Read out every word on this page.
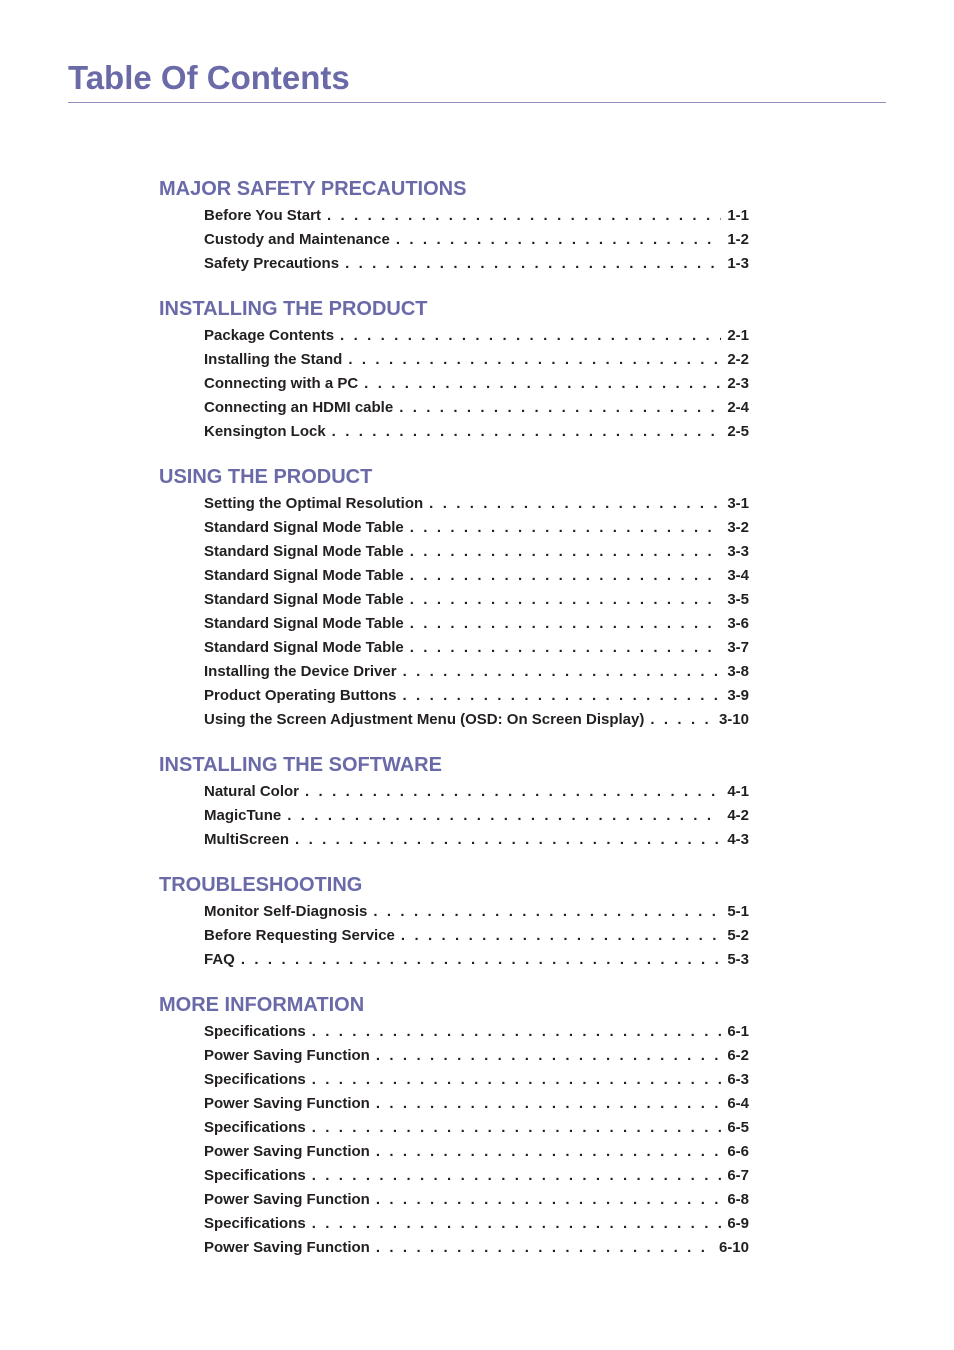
Table Of Contents
MAJOR SAFETY PRECAUTIONS
Before You Start . . .	1-1
Custody and Maintenance . . .	1-2
Safety Precautions . . .	1-3
INSTALLING THE PRODUCT
Package Contents . . .	2-1
Installing the Stand . . .	2-2
Connecting with a PC . . .	2-3
Connecting an HDMI cable . . .	2-4
Kensington Lock . . .	2-5
USING THE PRODUCT
Setting the Optimal Resolution . . .	3-1
Standard Signal Mode Table . . .	3-2
Standard Signal Mode Table . . .	3-3
Standard Signal Mode Table . . .	3-4
Standard Signal Mode Table . . .	3-5
Standard Signal Mode Table . . .	3-6
Standard Signal Mode Table . . .	3-7
Installing the Device Driver . . .	3-8
Product Operating Buttons . . .	3-9
Using the Screen Adjustment Menu (OSD: On Screen Display) . . .	3-10
INSTALLING THE SOFTWARE
Natural Color . . .	4-1
MagicTune . . .	4-2
MultiScreen . . .	4-3
TROUBLESHOOTING
Monitor Self-Diagnosis . . .	5-1
Before Requesting Service . . .	5-2
FAQ . . .	5-3
MORE INFORMATION
Specifications . . .	6-1
Power Saving Function . . .	6-2
Specifications . . .	6-3
Power Saving Function . . .	6-4
Specifications . . .	6-5
Power Saving Function . . .	6-6
Specifications . . .	6-7
Power Saving Function . . .	6-8
Specifications . . .	6-9
Power Saving Function . . .	6-10
